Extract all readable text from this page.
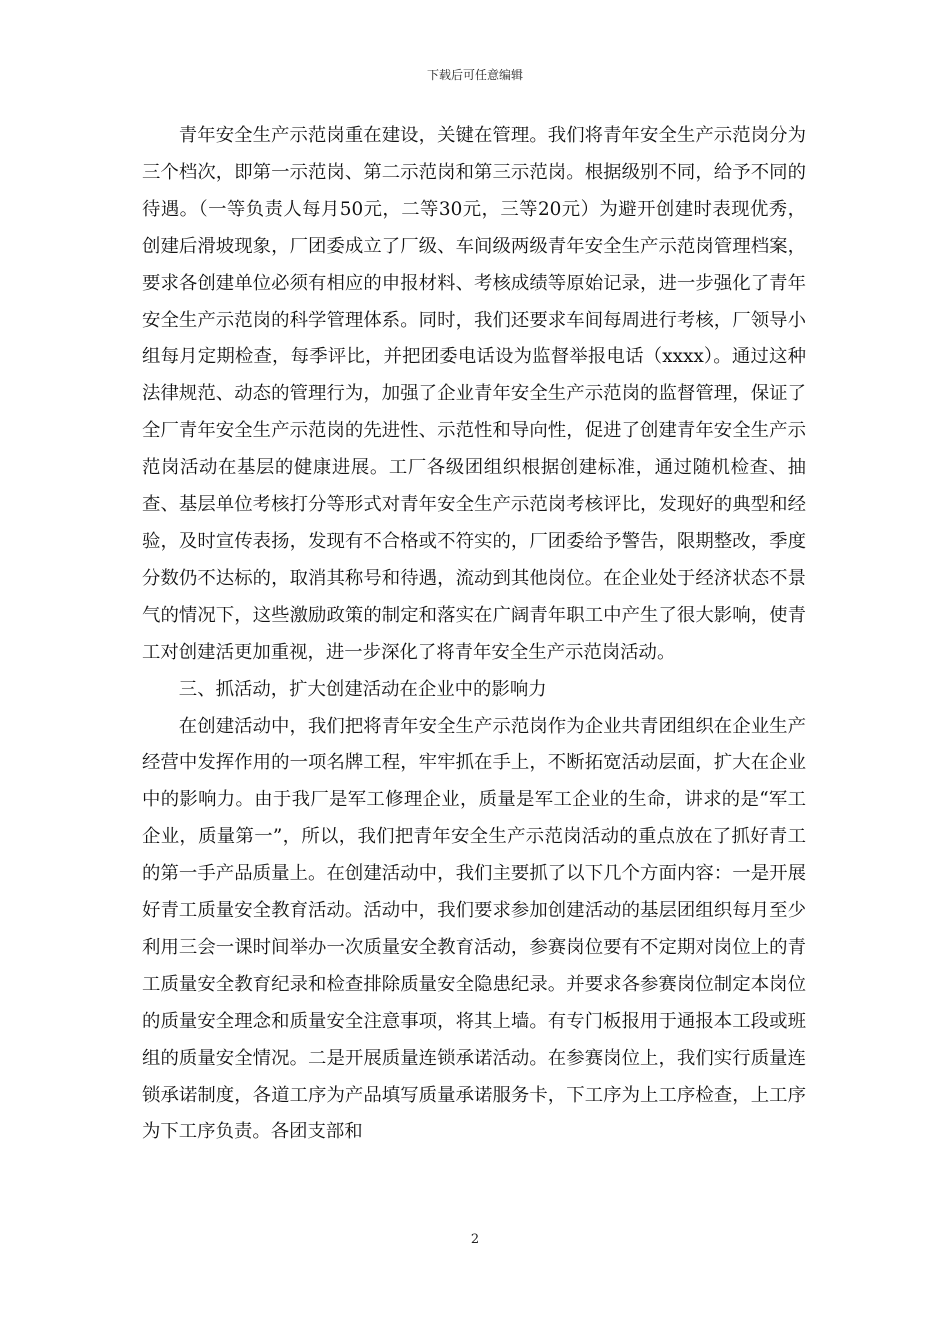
下载后可任意编辑

青年安全生产示范岗重在建设，关键在管理。我们将青年安全生产示范岗分为三个档次，即第一示范岗、第二示范岗和第三示范岗。根据级别不同，给予不同的待遇。（一等负责人每月50元，二等30元，三等20元）为避开创建时表现优秀，创建后滑坡现象，厂团委成立了厂级、车间级两级青年安全生产示范岗管理档案，要求各创建单位必须有相应的申报材料、考核成绩等原始记录，进一步强化了青年安全生产示范岗的科学管理体系。同时，我们还要求车间每周进行考核，厂领导小组每月定期检查，每季评比，并把团委电话设为监督举报电话（xxxx）。通过这种法律规范、动态的管理行为，加强了企业青年安全生产示范岗的监督管理，保证了全厂青年安全生产示范岗的先进性、示范性和导向性，促进了创建青年安全生产示范岗活动在基层的健康进展。工厂各级团组织根据创建标准，通过随机检查、抽查、基层单位考核打分等形式对青年安全生产示范岗考核评比，发现好的典型和经验，及时宣传表扬，发现有不合格或不符实的，厂团委给予警告，限期整改，季度分数仍不达标的，取消其称号和待遇，流动到其他岗位。在企业处于经济状态不景气的情况下，这些激励政策的制定和落实在广阔青年职工中产生了很大影响，使青工对创建活更加重视，进一步深化了将青年安全生产示范岗活动。

三、抓活动，扩大创建活动在企业中的影响力

在创建活动中，我们把将青年安全生产示范岗作为企业共青团组织在企业生产经营中发挥作用的一项名牌工程，牢牢抓在手上，不断拓宽活动层面，扩大在企业中的影响力。由于我厂是军工修理企业，质量是军工企业的生命，讲求的是“军工企业，质量第一”，所以，我们把青年安全生产示范岗活动的重点放在了抓好青工的第一手产品质量上。在创建活动中，我们主要抓了以下几个方面内容：一是开展好青工质量安全教育活动。活动中，我们要求参加创建活动的基层团组织每月至少利用三会一课时间举办一次质量安全教育活动，参赛岗位要有不定期对岗位上的青工质量安全教育纪录和检查排除质量安全隐患纪录。并要求各参赛岗位制定本岗位的质量安全理念和质量安全注意事项，将其上墙。有专门板报用于通报本工段或班组的质量安全情况。二是开展质量连锁承诺活动。在参赛岗位上，我们实行质量连锁承诺制度，各道工序为产品填写质量承诺服务卡，下工序为上工序检查，上工序为下工序负责。各团支部和

2
